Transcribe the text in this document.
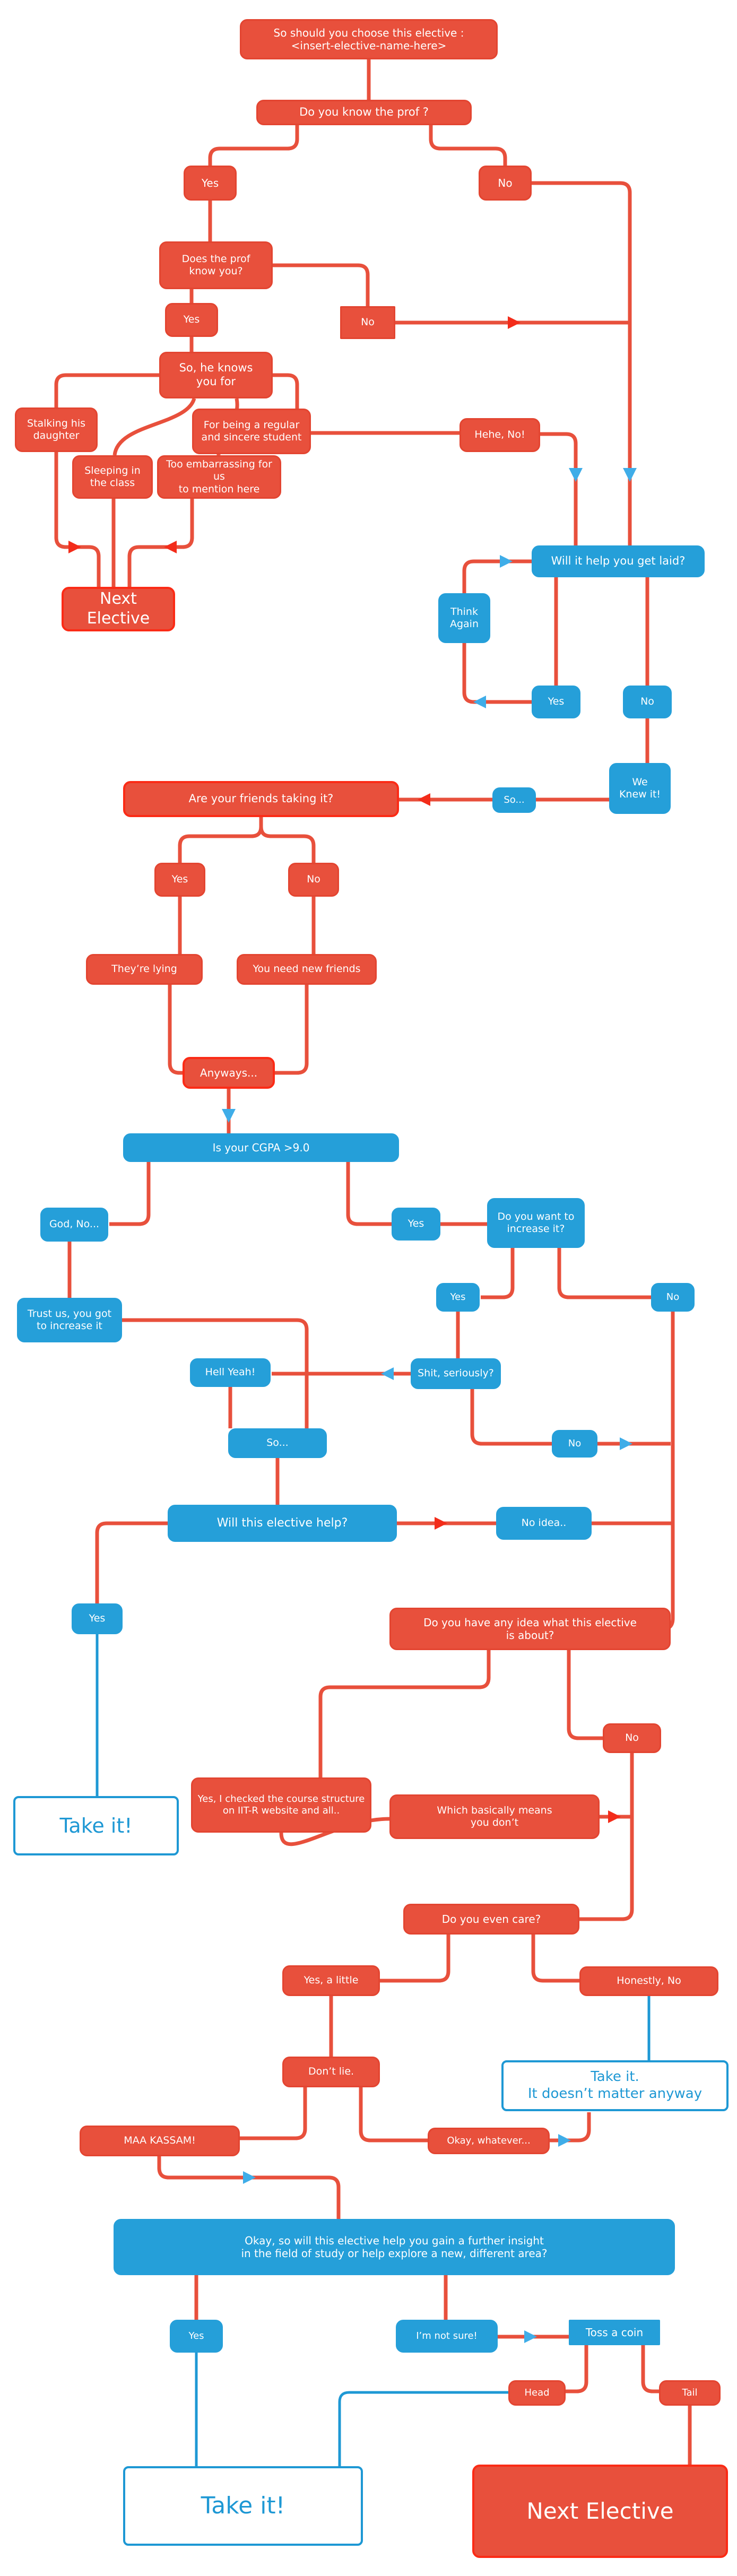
So should you choose this elective :
<insert-elective-name-here>
Do you know the prof ?
Yes	No
Does the prof
know you?
Yes	No
So, he knows
you for
Stalking his
daughter
For being a regular
and sincere student	Hehe, No!
Sleeping in
the class
Too embarrassing for us
to mention here
Next Elective
Will it help you get laid?
Think
Again
Yes	No
We
Knew it!
So...
Are your friends taking it?
Yes	No
They’re lying	You need new friends
Anyways...
Is your CGPA >9.0
God, No...	Yes
Do you want to
increase it?
Trust us, you got
to increase it
Yes	No
Hell Yeah!	Shit, seriously?
No
So...
Will this elective help?	No idea..
Yes	Do you have any idea what this elective
is about?
Yes, I checked the course structure
on IIT-R website and all..
No
Which basically means
you don’t
Take it.
It doesn’t matter anyway
Do you even care?
Yes, a little	Honestly, No
Don’t lie.
Take it!
MAA KASSAM!	Okay, whatever...
Okay, so will this elective help you gain a further insight
in the field of study or help explore a new, different area?
Yes	I’m not sure!	Toss a coin
Head	Tail
Take it!	Next Elective
